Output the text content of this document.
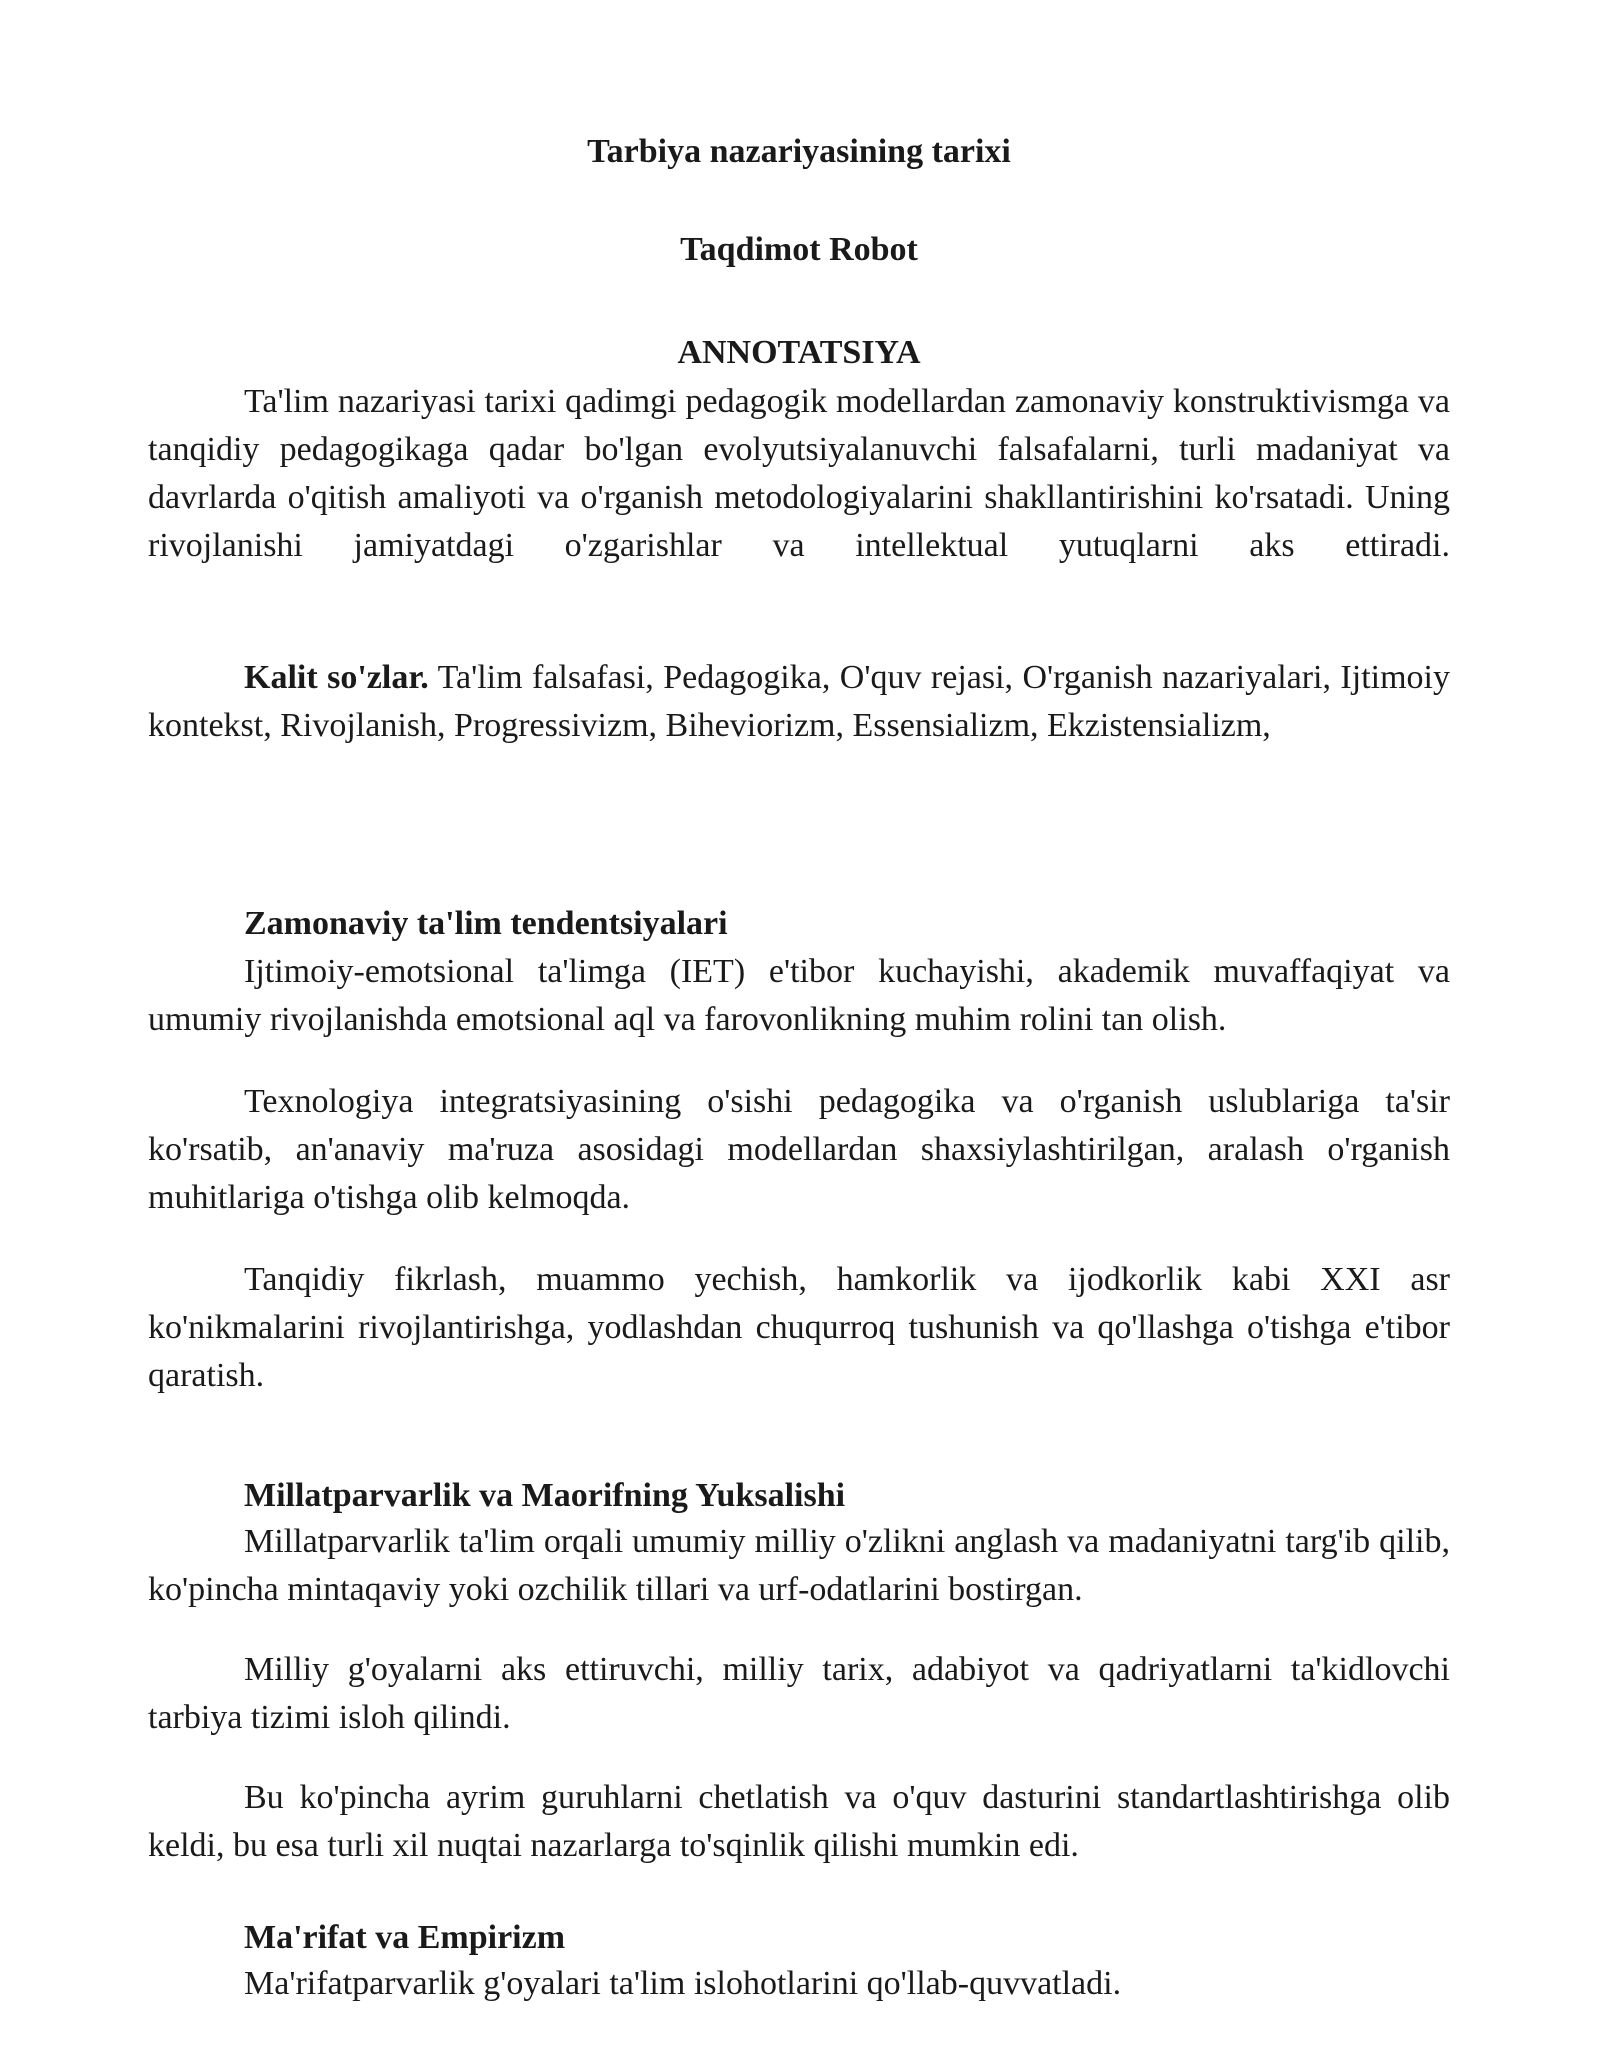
Tarbiya nazariyasining tarixi
Taqdimot Robot
ANNOTATSIYA
Ta'lim nazariyasi tarixi qadimgi pedagogik modellardan zamonaviy konstruktivismga va tanqidiy pedagogikaga qadar bo'lgan evolyutsiyalanuvchi falsafalarni, turli madaniyat va davrlarda o'qitish amaliyoti va o'rganish metodologiyalarini shakllantirishini ko'rsatadi. Uning rivojlanishi jamiyatdagi o'zgarishlar va intellektual yutuqlarni aks ettiradi.
Kalit so'zlar. Ta'lim falsafasi, Pedagogika, O'quv rejasi, O'rganish nazariyalari, Ijtimoiy kontekst, Rivojlanish, Progressivizm, Biheviorizm, Essensializm, Ekzistensializm,
Zamonaviy ta'lim tendentsiyalari
Ijtimoiy-emotsional ta'limga (IET) e'tibor kuchayishi, akademik muvaffaqiyat va umumiy rivojlanishda emotsional aql va farovonlikning muhim rolini tan olish.
Texnologiya integratsiyasining o'sishi pedagogika va o'rganish uslublariga ta'sir ko'rsatib, an'anaviy ma'ruza asosidagi modellardan shaxsiylashtirilgan, aralash o'rganish muhitlariga o'tishga olib kelmoqda.
Tanqidiy fikrlash, muammo yechish, hamkorlik va ijodkorlik kabi XXI asr ko'nikmalarini rivojlantirishga, yodlashdan chuqurroq tushunish va qo'llashga o'tishga e'tibor qaratish.
Millatparvarlik va Maorifning Yuksalishi
Millatparvarlik ta'lim orqali umumiy milliy o'zlikni anglash va madaniyatni targ'ib qilib, ko'pincha mintaqaviy yoki ozchilik tillari va urf-odatlarini bostirgan.
Milliy g'oyalarni aks ettiruvchi, milliy tarix, adabiyot va qadriyatlarni ta'kidlovchi tarbiya tizimi isloh qilindi.
Bu ko'pincha ayrim guruhlarni chetlatish va o'quv dasturini standartlashtirishga olib keldi, bu esa turli xil nuqtai nazarlarga to'sqinlik qilishi mumkin edi.
Ma'rifat va Empirizm
Ma'rifatparvarlik g'oyalari ta'lim islohotlarini qo'llab-quvvatladi.
